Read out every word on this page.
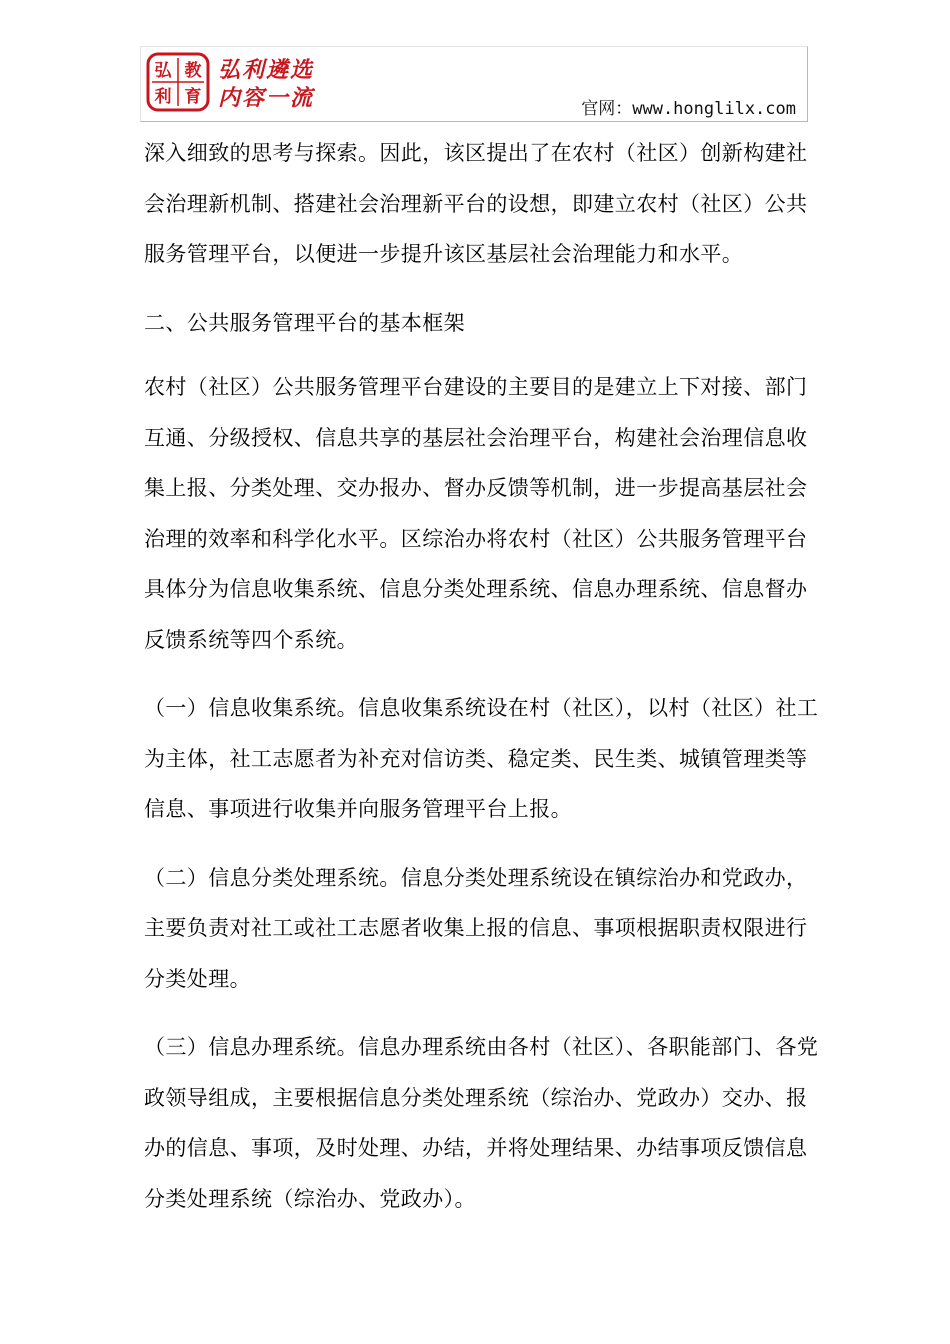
弘
利
教
育
弘利遴选
内容一流	官网：www.honglilx.com

深入细致的思考与探索。因此，该区提出了在农村（社区）创新构建社会治理新机制、搭建社会治理新平台的设想，即建立农村（社区）公共服务管理平台，以便进一步提升该区基层社会治理能力和水平。

二、公共服务管理平台的基本框架

农村（社区）公共服务管理平台建设的主要目的是建立上下对接、部门互通、分级授权、信息共享的基层社会治理平台，构建社会治理信息收集上报、分类处理、交办报办、督办反馈等机制，进一步提高基层社会治理的效率和科学化水平。区综治办将农村（社区）公共服务管理平台具体分为信息收集系统、信息分类处理系统、信息办理系统、信息督办反馈系统等四个系统。

（一）信息收集系统。信息收集系统设在村（社区），以村（社区）社工为主体，社工志愿者为补充对信访类、稳定类、民生类、城镇管理类等信息、事项进行收集并向服务管理平台上报。

（二）信息分类处理系统。信息分类处理系统设在镇综治办和党政办，主要负责对社工或社工志愿者收集上报的信息、事项根据职责权限进行分类处理。

（三）信息办理系统。信息办理系统由各村（社区）、各职能部门、各党政领导组成，主要根据信息分类处理系统（综治办、党政办）交办、报办的信息、事项，及时处理、办结，并将处理结果、办结事项反馈信息分类处理系统（综治办、党政办）。
